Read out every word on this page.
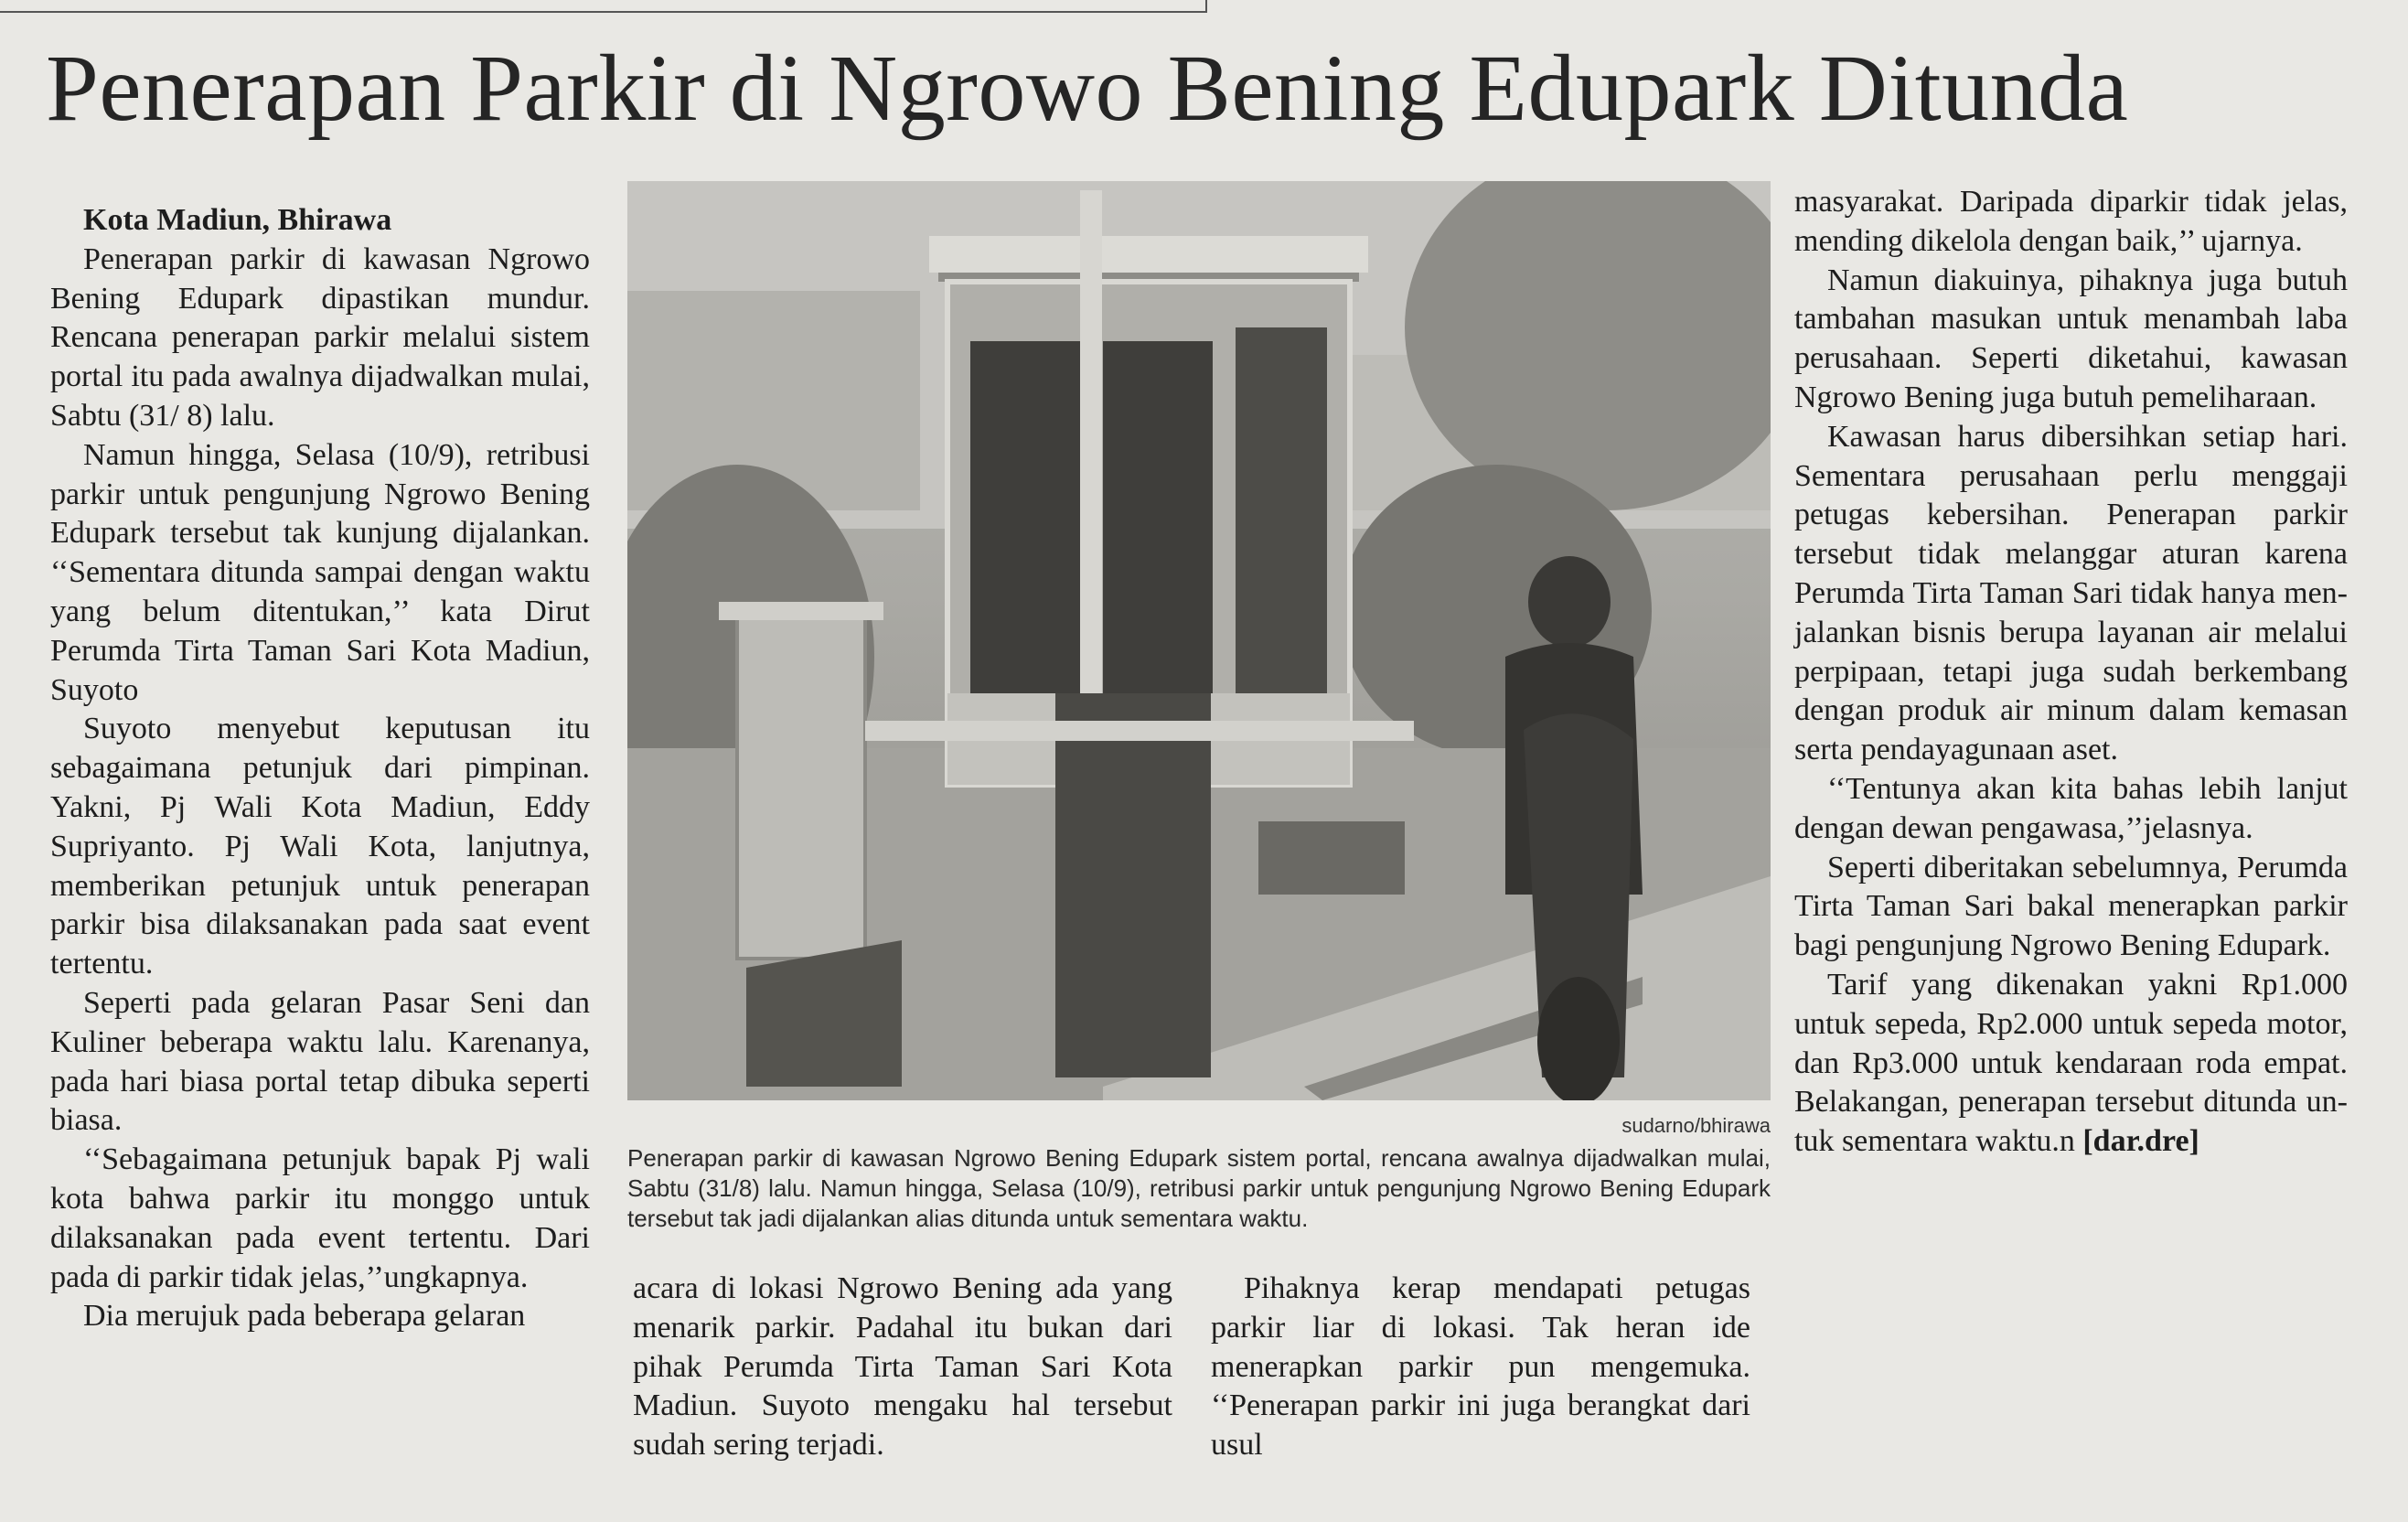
Penerapan Parkir di Ngrowo Bening Edupark Ditunda

Kota Madiun, Bhirawa

Penerapan parkir di kawasan Ngrowo Bening Edupark dipastikan mundur. Rencana penerapan parkir melalui sistem portal itu pada awalnya dijadwalkan mulai, Sabtu (31/ 8) lalu.

Namun hingga, Selasa (10/9), retribusi parkir untuk pengunjung Ngrowo Bening Edupark tersebut tak kunjung dijalankan. ‘‘Sementara ditunda sampai dengan waktu yang belum ditentukan,’’ kata Dirut Perumda Tirta Taman Sari Kota Madiun, Suyoto

Suyoto menyebut keputusan itu sebagaimana petunjuk dari pimpinan. Yakni, Pj Wali Kota Madiun, Eddy Supriyanto. Pj Wali Kota, lanjutnya, memberikan petunjuk untuk penerapan parkir bisa dilaksanakan pada saat event tertentu.

Seperti pada gelaran Pasar Seni dan Kuliner beberapa waktu lalu. Karenanya, pada hari biasa portal tetap dibuka seperti biasa.

‘‘Sebagaimana petunjuk bapak Pj wali kota bahwa parkir itu monggo untuk dilaksanakan pada event tertentu. Dari pada di parkir tidak jelas,’’ungkapnya.

Dia merujuk pada beberapa gelaran

sudarno/bhirawa
Penerapan parkir di kawasan Ngrowo Bening Edupark sistem portal, rencana awalnya dijadwalkan mulai, Sabtu (31/8) lalu. Namun hingga, Selasa (10/9), retribusi parkir untuk pengunjung Ngrowo Bening Edupark tersebut tak jadi dijalankan alias ditunda untuk sementara waktu.

acara di lokasi Ngrowo Bening ada yang menarik parkir. Padahal itu bukan dari pihak Perumda Tirta Taman Sari Kota Madiun. Suyoto mengaku hal tersebut sudah sering terjadi.

Pihaknya kerap mendapati petugas parkir liar di lokasi. Tak heran ide menerapkan parkir pun mengemuka. ‘‘Penerapan parkir ini juga berangkat dari usul

masyarakat. Daripada diparkir tidak jelas, mending dikelola dengan baik,’’ ujarnya.

Namun diakuinya, pihaknya juga butuh tambahan masukan untuk menambah laba perusahaan. Seperti diketahui, kawasan Ngrowo Bening juga butuh pemeliharaan.

Kawasan harus dibersihkan setiap hari. Sementara perusahaan perlu menggaji petugas kebersihan. Penerapan parkir tersebut tidak melanggar aturan karena Perumda Tirta Taman Sari tidak hanya menjalankan bisnis berupa layanan air melalui perpipaan, tetapi juga sudah berkembang dengan produk air minum dalam kemasan serta pendayagunaan aset.

‘‘Tentunya akan kita bahas lebih lanjut dengan dewan pengawasa,’’jelasnya.

Seperti diberitakan sebelumnya, Perumda Tirta Taman Sari bakal menerapkan parkir bagi pengunjung Ngrowo Bening Edupark.

Tarif yang dikenakan yakni Rp1.000 untuk sepeda, Rp2.000 untuk sepeda motor, dan Rp3.000 untuk kendaraan roda empat. Belakangan, penerapan tersebut ditunda untuk sementara waktu.n [dar.dre]
